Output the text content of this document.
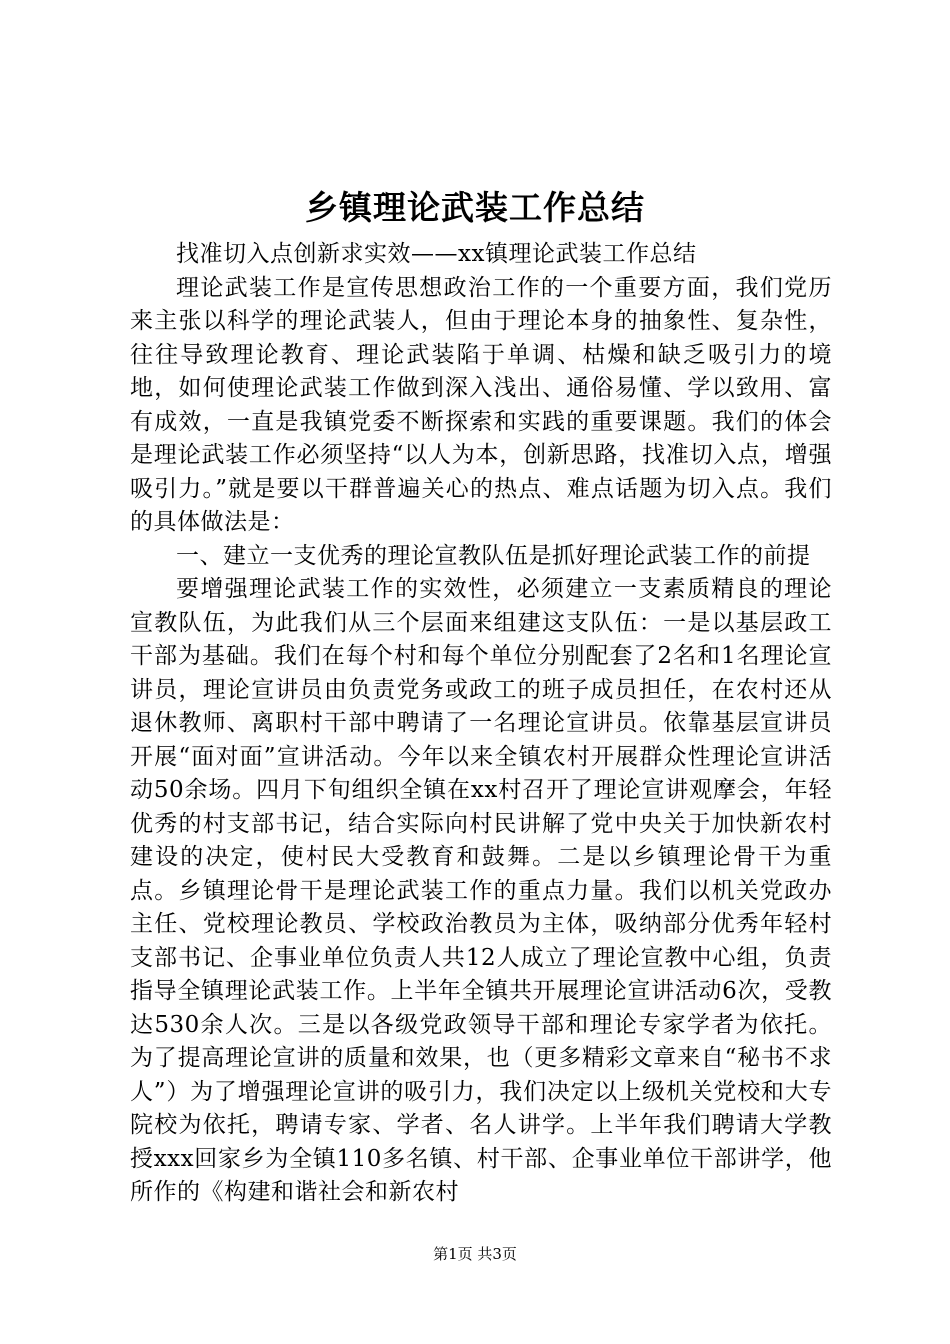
乡镇理论武装工作总结

找准切入点创新求实效——xx镇理论武装工作总结

理论武装工作是宣传思想政治工作的一个重要方面，我们党历来主张以科学的理论武装人，但由于理论本身的抽象性、复杂性，往往导致理论教育、理论武装陷于单调、枯燥和缺乏吸引力的境地，如何使理论武装工作做到深入浅出、通俗易懂、学以致用、富有成效，一直是我镇党委不断探索和实践的重要课题。我们的体会是理论武装工作必须坚持“以人为本，创新思路，找准切入点，增强吸引力。”就是要以干群普遍关心的热点、难点话题为切入点。我们的具体做法是：

一、建立一支优秀的理论宣教队伍是抓好理论武装工作的前提

要增强理论武装工作的实效性，必须建立一支素质精良的理论宣教队伍，为此我们从三个层面来组建这支队伍：一是以基层政工干部为基础。我们在每个村和每个单位分别配套了2名和1名理论宣讲员，理论宣讲员由负责党务或政工的班子成员担任，在农村还从退休教师、离职村干部中聘请了一名理论宣讲员。依靠基层宣讲员开展“面对面”宣讲活动。今年以来全镇农村开展群众性理论宣讲活动50余场。四月下旬组织全镇在xx村召开了理论宣讲观摩会，年轻优秀的村支部书记，结合实际向村民讲解了党中央关于加快新农村建设的决定，使村民大受教育和鼓舞。二是以乡镇理论骨干为重点。乡镇理论骨干是理论武装工作的重点力量。我们以机关党政办主任、党校理论教员、学校政治教员为主体，吸纳部分优秀年轻村支部书记、企事业单位负责人共12人成立了理论宣教中心组，负责指导全镇理论武装工作。上半年全镇共开展理论宣讲活动6次，受教达530余人次。三是以各级党政领导干部和理论专家学者为依托。为了提高理论宣讲的质量和效果，也（更多精彩文章来自“秘书不求人”）为了增强理论宣讲的吸引力，我们决定以上级机关党校和大专院校为依托，聘请专家、学者、名人讲学。上半年我们聘请大学教授xxx回家乡为全镇110多名镇、村干部、企事业单位干部讲学，他所作的《构建和谐社会和新农村

第1页 共3页
